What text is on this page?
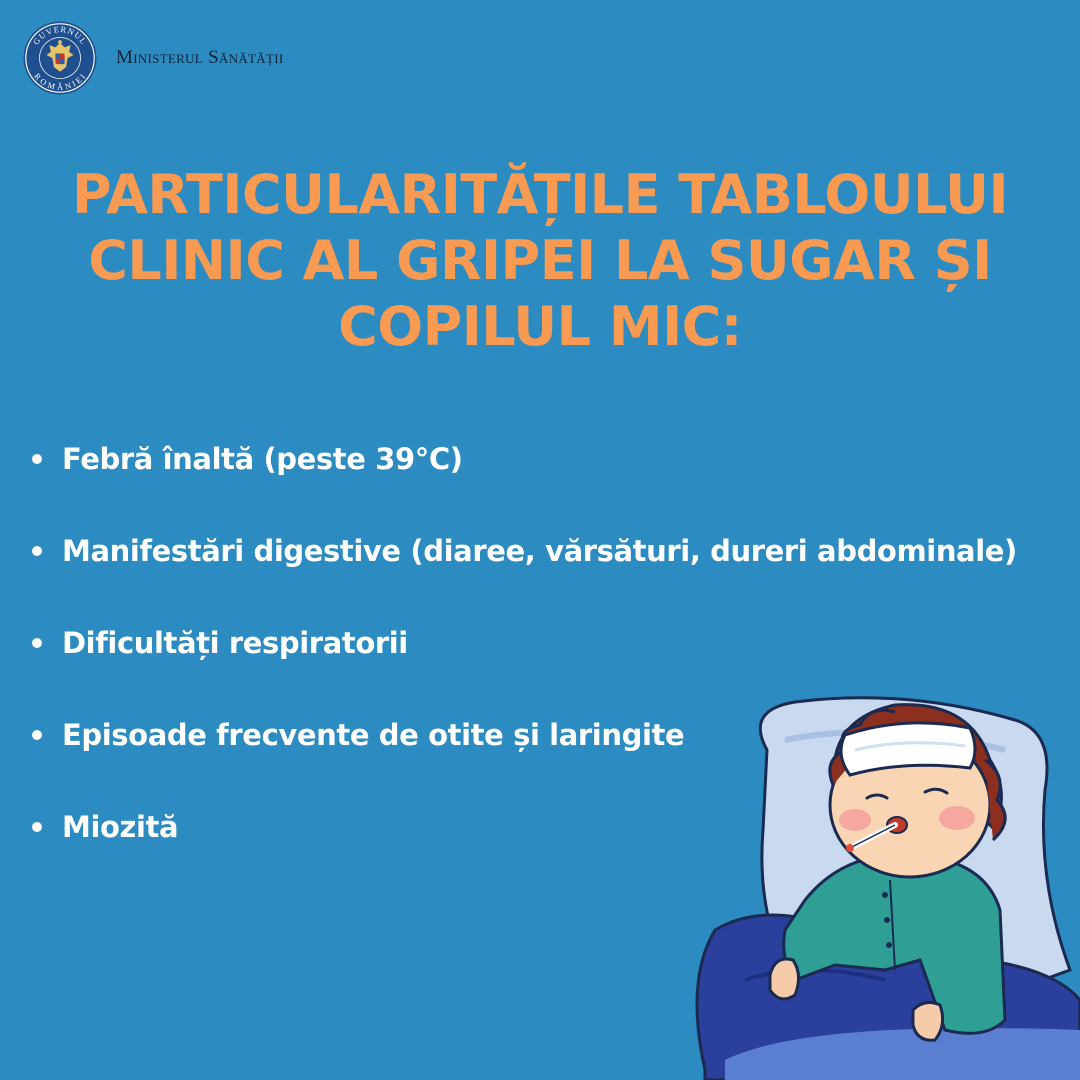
GUVERNUL
ROMÂNIEI
Ministerul Sănătății
PARTICULARITĂȚILE TABLOULUI
CLINIC AL GRIPEI LA SUGAR ȘI
COPILUL MIC:
Febră înaltă (peste 39°C)
Manifestări digestive (diaree, vărsături, dureri abdominale)
Dificultăți respiratorii
Episoade frecvente de otite și laringite
Miozită
